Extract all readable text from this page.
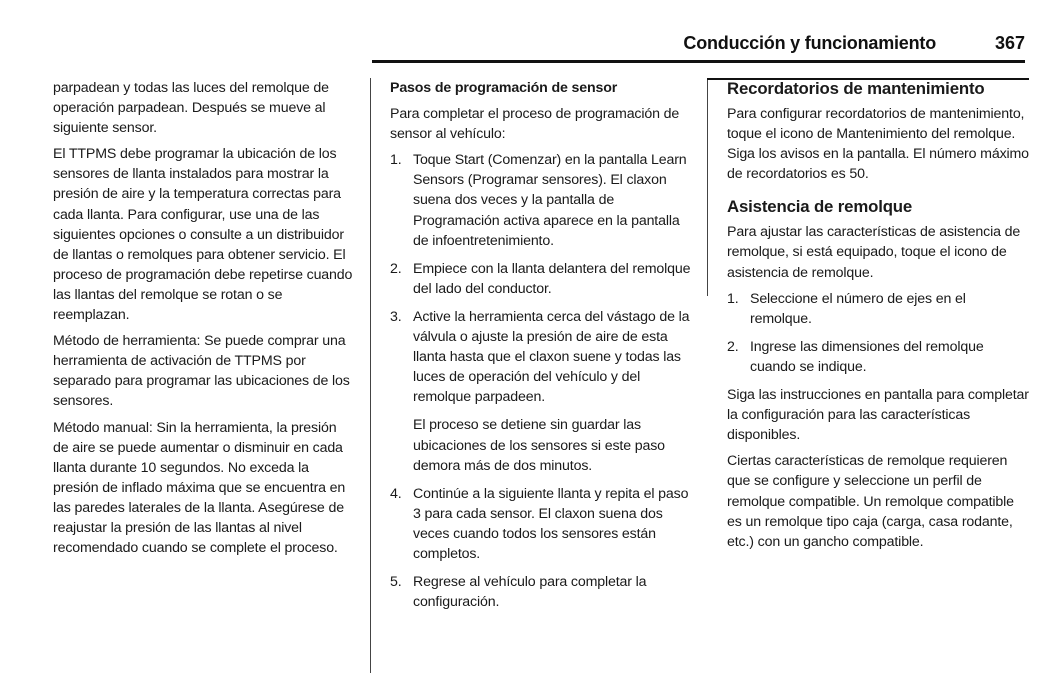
Conducción y funcionamiento	367

parpadean y todas las luces del remolque de operación parpadean. Después se mueve al siguiente sensor.

El TTPMS debe programar la ubicación de los sensores de llanta instalados para mostrar la presión de aire y la temperatura correctas para cada llanta. Para configurar, use una de las siguientes opciones o consulte a un distribuidor de llantas o remolques para obtener servicio. El proceso de programación debe repetirse cuando las llantas del remolque se rotan o se reemplazan.

Método de herramienta: Se puede comprar una herramienta de activación de TTPMS por separado para programar las ubicaciones de los sensores.

Método manual: Sin la herramienta, la presión de aire se puede aumentar o disminuir en cada llanta durante 10 segundos. No exceda la presión de inflado máxima que se encuentra en las paredes laterales de la llanta. Asegúrese de reajustar la presión de las llantas al nivel recomendado cuando se complete el proceso.

Pasos de programación de sensor

Para completar el proceso de programación de sensor al vehículo:

1. Toque Start (Comenzar) en la pantalla Learn Sensors (Programar sensores). El claxon suena dos veces y la pantalla de Programación activa aparece en la pantalla de infoentretenimiento.

2. Empiece con la llanta delantera del remolque del lado del conductor.

3. Active la herramienta cerca del vástago de la válvula o ajuste la presión de aire de esta llanta hasta que el claxon suene y todas las luces de operación del vehículo y del remolque parpadeen.

El proceso se detiene sin guardar las ubicaciones de los sensores si este paso demora más de dos minutos.

4. Continúe a la siguiente llanta y repita el paso 3 para cada sensor. El claxon suena dos veces cuando todos los sensores están completos.

5. Regrese al vehículo para completar la configuración.

Recordatorios de mantenimiento

Para configurar recordatorios de mantenimiento, toque el icono de Mantenimiento del remolque. Siga los avisos en la pantalla. El número máximo de recordatorios es 50.

Asistencia de remolque

Para ajustar las características de asistencia de remolque, si está equipado, toque el icono de asistencia de remolque.

1. Seleccione el número de ejes en el remolque.

2. Ingrese las dimensiones del remolque cuando se indique.

Siga las instrucciones en pantalla para completar la configuración para las características disponibles.

Ciertas características de remolque requieren que se configure y seleccione un perfil de remolque compatible. Un remolque compatible es un remolque tipo caja (carga, casa rodante, etc.) con un gancho compatible.
